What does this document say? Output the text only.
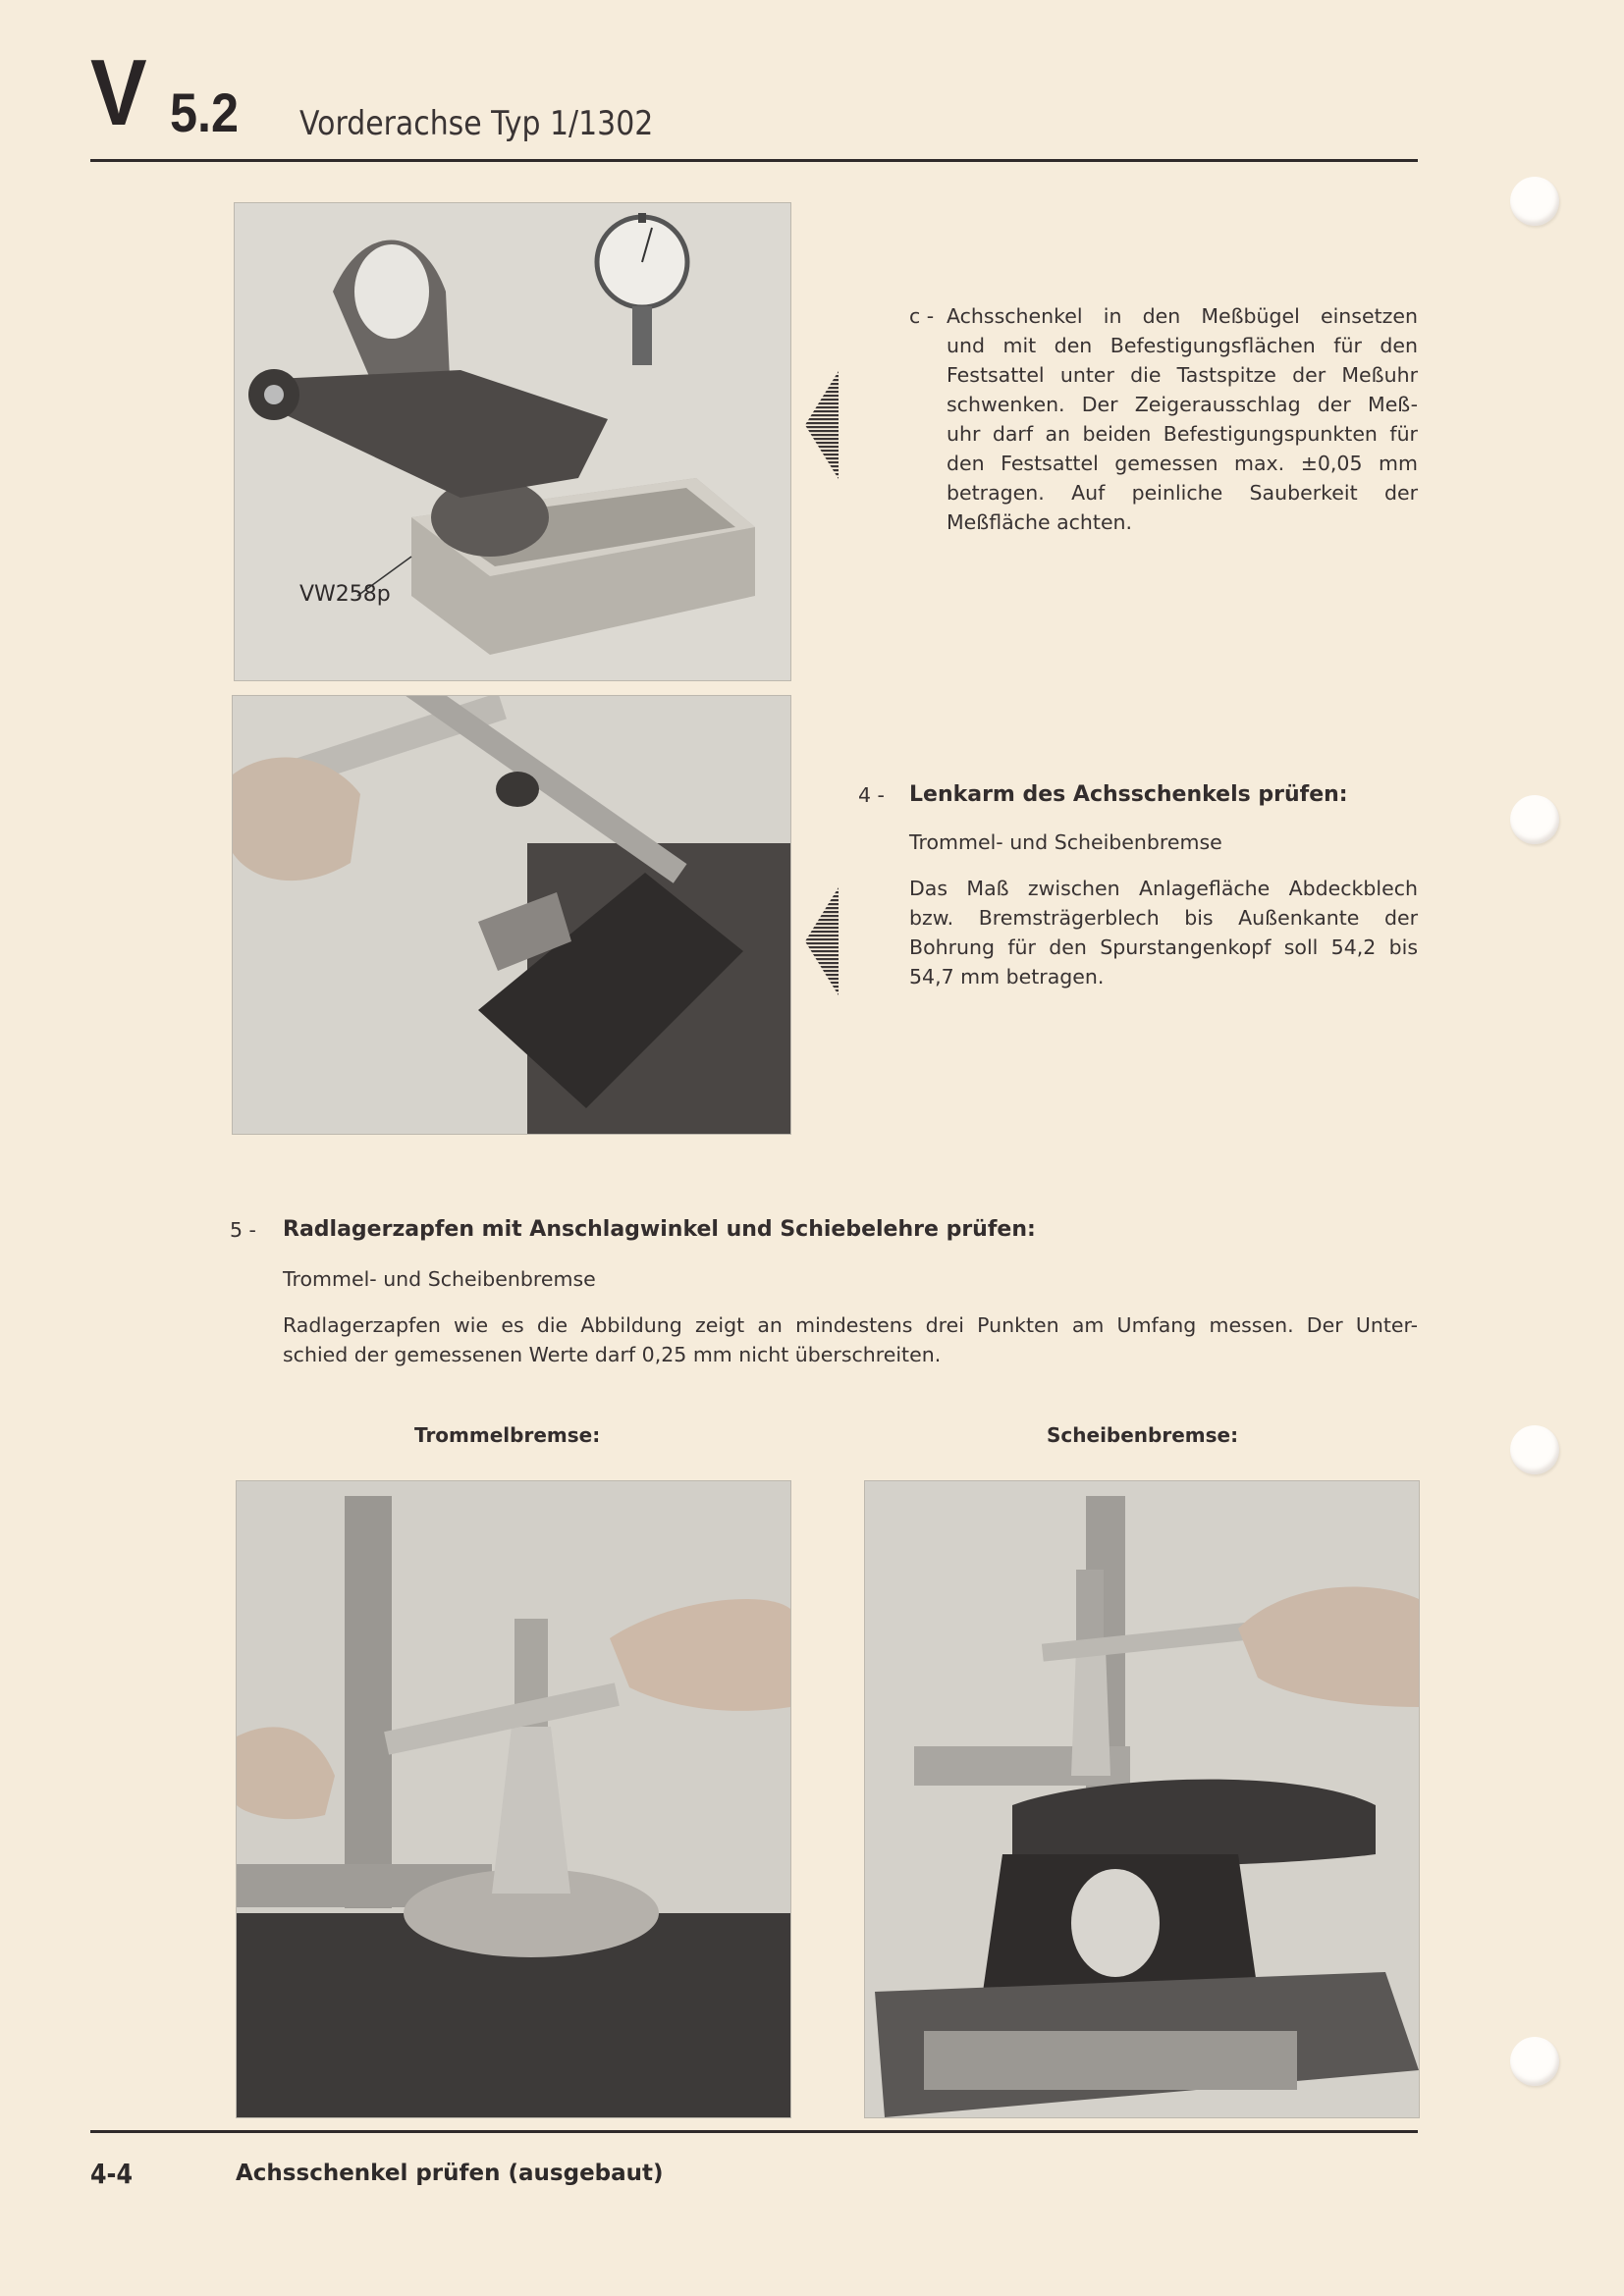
V 5.2 Vorderachse Typ 1/1302
VW258p
c - Achsschenkel in den Meßbügel einsetzen
und mit den Befestigungsflächen für den
Festsattel unter die Tastspitze der Meßuhr
schwenken. Der Zeigerausschlag der Meß-
uhr darf an beiden Befestigungspunkten für
den Festsattel gemessen max. ±0,05 mm
betragen. Auf peinliche Sauberkeit der
Meßfläche achten.
4 - Lenkarm des Achsschenkels prüfen:
Trommel- und Scheibenbremse
Das Maß zwischen Anlagefläche Abdeckblech
bzw. Bremsträgerblech bis Außenkante der
Bohrung für den Spurstangenkopf soll 54,2 bis
54,7 mm betragen.
5 - Radlagerzapfen mit Anschlagwinkel und Schiebelehre prüfen:
Trommel- und Scheibenbremse
Radlagerzapfen wie es die Abbildung zeigt an mindestens drei Punkten am Umfang messen. Der Unter-
schied der gemessenen Werte darf 0,25 mm nicht überschreiten.
Trommelbremse:	Scheibenbremse:
4-4	Achsschenkel prüfen (ausgebaut)
